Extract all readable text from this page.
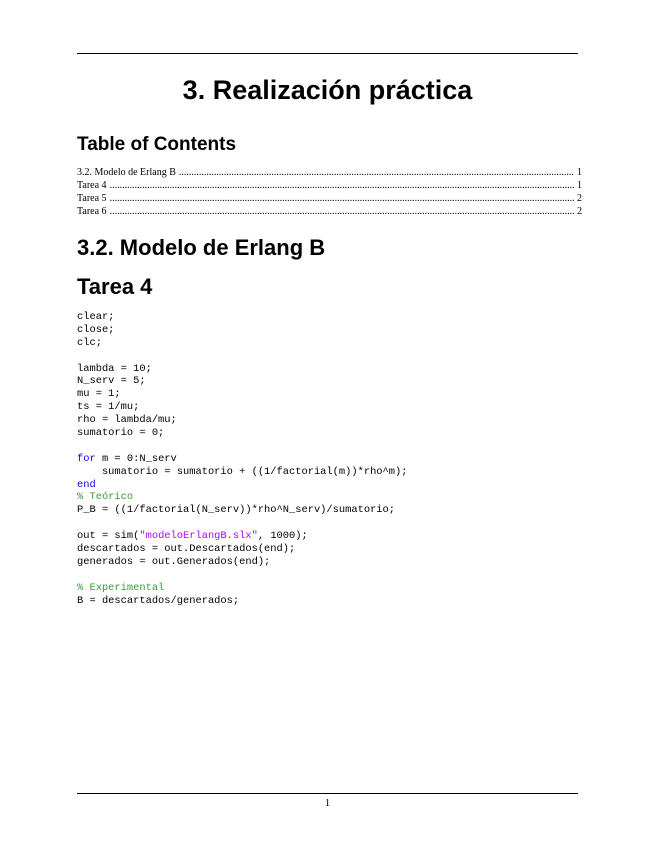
3. Realización práctica
Table of Contents
3.2. Modelo de Erlang B .....	1
Tarea 4 .....	1
Tarea 5 .....	2
Tarea 6 .....	2
3.2. Modelo de Erlang B
Tarea 4
clear;
close;
clc;
lambda = 10;
N_serv = 5;
mu = 1;
ts = 1/mu;
rho = lambda/mu;
sumatorio = 0;
for m = 0:N_serv
sumatorio = sumatorio + ((1/factorial(m))*rho^m);
end
% Teórico
P_B = ((1/factorial(N_serv))*rho^N_serv)/sumatorio;
out = sim("modeloErlangB.slx", 1000);
descartados = out.Descartados(end);
generados = out.Generados(end);
% Experimental
B = descartados/generados;
1
